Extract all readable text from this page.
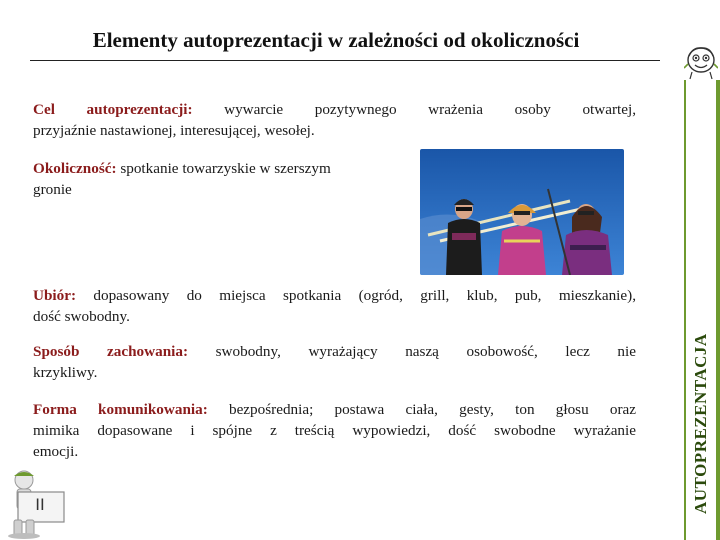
Elementy autoprezentacji w zależności od okoliczności
AUTOPREZENTACJA

Cel autoprezentacji: wywarcie pozytywnego wrażenia osoby otwartej,
przyjaźnie nastawionej, interesującej, wesołej.

Okoliczność: spotkanie towarzyskie w szerszym
gronie

Ubiór: dopasowany do miejsca spotkania (ogród, grill, klub, pub, mieszkanie),
dość swobodny.

Sposób zachowania: swobodny, wyrażający naszą osobowość, lecz nie
krzykliwy.

Forma komunikowania: bezpośrednia; postawa ciała, gesty, ton głosu oraz
mimika dopasowane i spójne z treścią wypowiedzi, dość swobodne wyrażanie
emocji.

II
